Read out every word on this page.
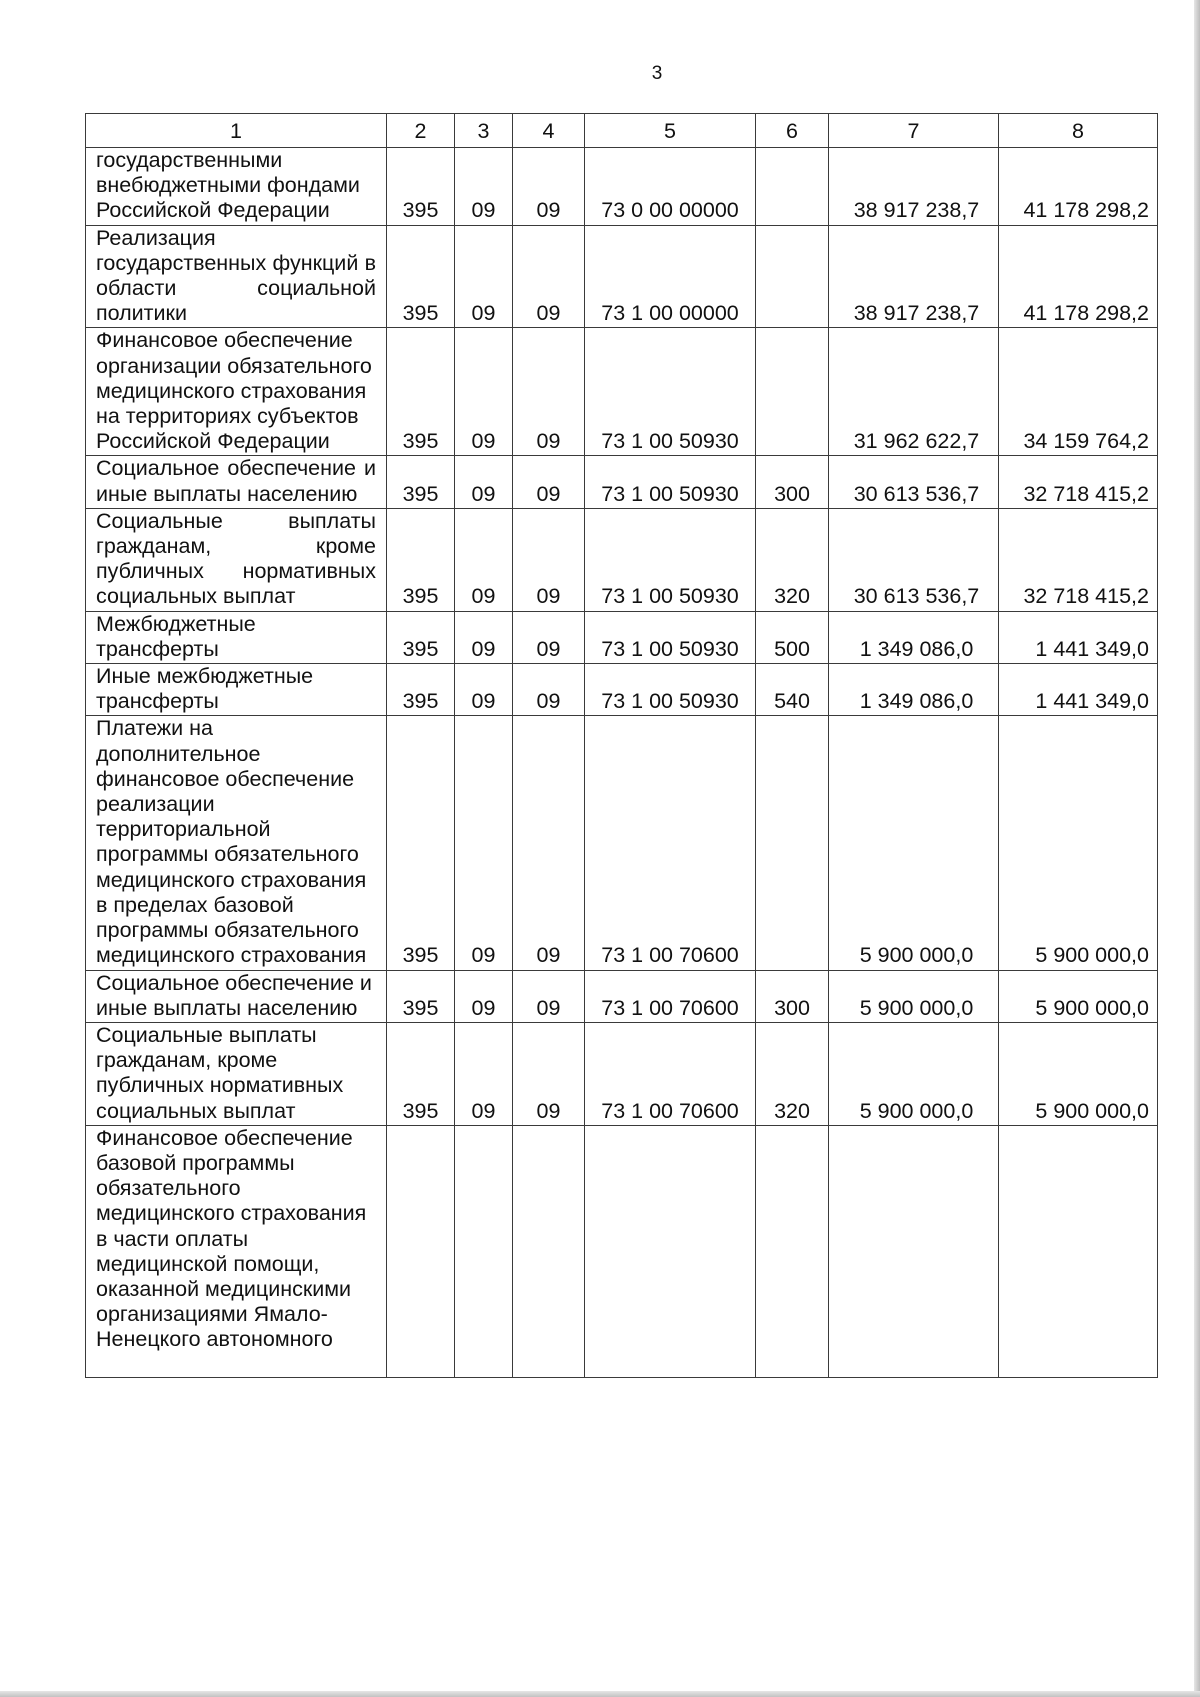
3
1	2	3	4	5	6	7	8
государственными внебюджетными фондами Российской Федерации	395	09	09	73 0 00 00000		38 917 238,7	41 178 298,2
Реализация государственных функций в области социальной политики	395	09	09	73 1 00 00000		38 917 238,7	41 178 298,2
Финансовое обеспечение организации обязательного медицинского страхования на территориях субъектов Российской Федерации	395	09	09	73 1 00 50930		31 962 622,7	34 159 764,2
Социальное обеспечение и иные выплаты населению	395	09	09	73 1 00 50930	300	30 613 536,7	32 718 415,2
Социальные выплаты гражданам, кроме публичных нормативных социальных выплат	395	09	09	73 1 00 50930	320	30 613 536,7	32 718 415,2
Межбюджетные трансферты	395	09	09	73 1 00 50930	500	1 349 086,0	1 441 349,0
Иные межбюджетные трансферты	395	09	09	73 1 00 50930	540	1 349 086,0	1 441 349,0
Платежи на дополнительное финансовое обеспечение реализации территориальной программы обязательного медицинского страхования в пределах базовой программы обязательного медицинского страхования	395	09	09	73 1 00 70600		5 900 000,0	5 900 000,0
Социальное обеспечение и иные выплаты населению	395	09	09	73 1 00 70600	300	5 900 000,0	5 900 000,0
Социальные выплаты гражданам, кроме публичных нормативных социальных выплат	395	09	09	73 1 00 70600	320	5 900 000,0	5 900 000,0
Финансовое обеспечение базовой программы обязательного медицинского страхования в части оплаты медицинской помощи, оказанной медицинскими организациями Ямало-Ненецкого автономного							
